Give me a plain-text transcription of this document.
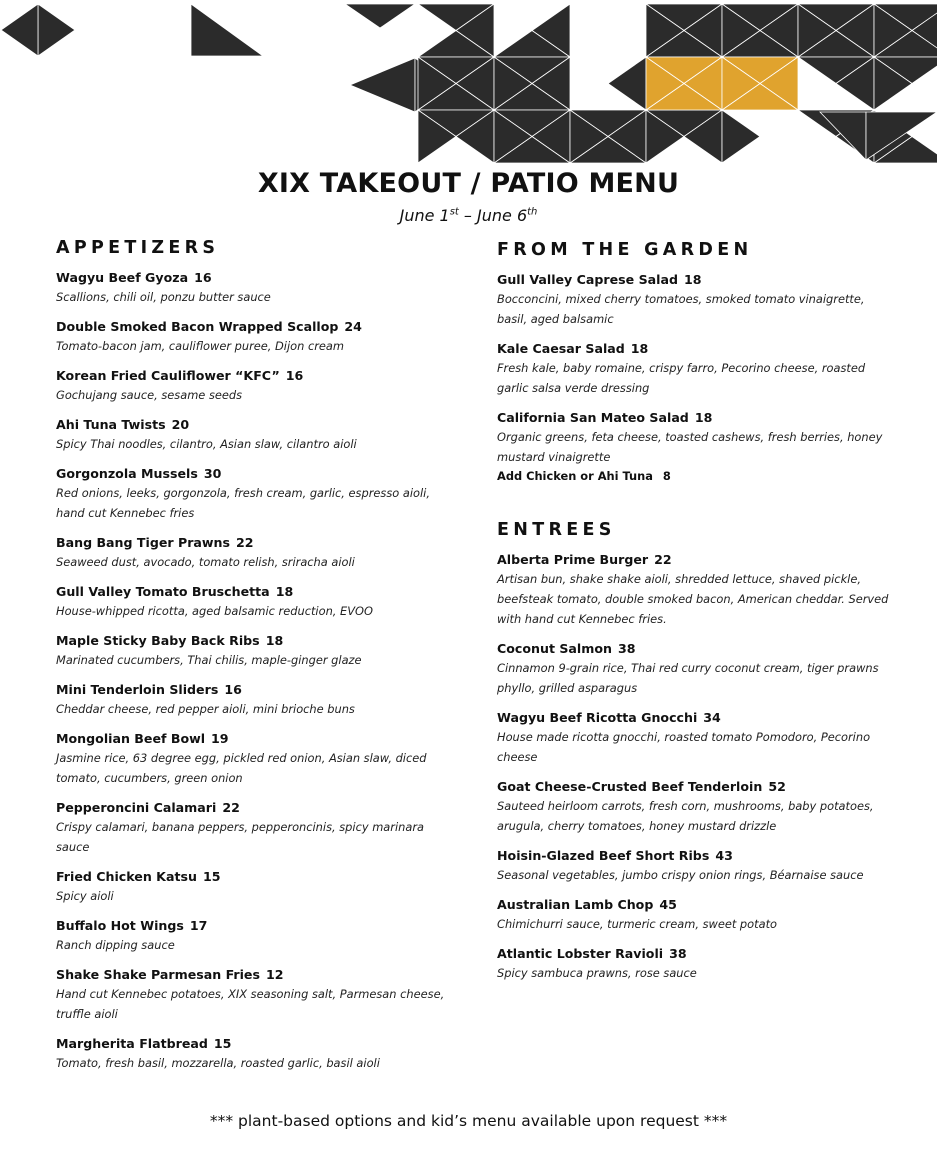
XIX TAKEOUT / PATIO MENU
June 1st – June 6th
APPETIZERS
Wagyu Beef Gyoza 16
Scallions, chili oil, ponzu butter sauce
Double Smoked Bacon Wrapped Scallop 24
Tomato-bacon jam, cauliflower puree, Dijon cream
Korean Fried Cauliflower “KFC” 16
Gochujang sauce, sesame seeds
Ahi Tuna Twists 20
Spicy Thai noodles, cilantro, Asian slaw, cilantro aioli
Gorgonzola Mussels 30
Red onions, leeks, gorgonzola, fresh cream, garlic, espresso aioli, hand cut Kennebec fries
Bang Bang Tiger Prawns 22
Seaweed dust, avocado, tomato relish, sriracha aioli
Gull Valley Tomato Bruschetta 18
House-whipped ricotta, aged balsamic reduction, EVOO
Maple Sticky Baby Back Ribs 18
Marinated cucumbers, Thai chilis, maple-ginger glaze
Mini Tenderloin Sliders 16
Cheddar cheese, red pepper aioli, mini brioche buns
Mongolian Beef Bowl 19
Jasmine rice, 63 degree egg, pickled red onion, Asian slaw, diced tomato, cucumbers, green onion
Pepperoncini Calamari 22
Crispy calamari, banana peppers, pepperoncinis, spicy marinara sauce
Fried Chicken Katsu 15
Spicy aioli
Buffalo Hot Wings 17
Ranch dipping sauce
Shake Shake Parmesan Fries 12
Hand cut Kennebec potatoes, XIX seasoning salt, Parmesan cheese, truffle aioli
Margherita Flatbread 15
Tomato, fresh basil, mozzarella, roasted garlic, basil aioli
FROM THE GARDEN
Gull Valley Caprese Salad 18
Bocconcini, mixed cherry tomatoes, smoked tomato vinaigrette, basil, aged balsamic
Kale Caesar Salad 18
Fresh kale, baby romaine, crispy farro, Pecorino cheese, roasted garlic salsa verde dressing
California San Mateo Salad 18
Organic greens, feta cheese, toasted cashews, fresh berries, honey mustard vinaigrette
Add Chicken or Ahi Tuna 8
ENTREES
Alberta Prime Burger 22
Artisan bun, shake shake aioli, shredded lettuce, shaved pickle, beefsteak tomato, double smoked bacon, American cheddar. Served with hand cut Kennebec fries.
Coconut Salmon 38
Cinnamon 9-grain rice, Thai red curry coconut cream, tiger prawns phyllo, grilled asparagus
Wagyu Beef Ricotta Gnocchi 34
House made ricotta gnocchi, roasted tomato Pomodoro, Pecorino cheese
Goat Cheese-Crusted Beef Tenderloin 52
Sauteed heirloom carrots, fresh corn, mushrooms, baby potatoes, arugula, cherry tomatoes, honey mustard drizzle
Hoisin-Glazed Beef Short Ribs 43
Seasonal vegetables, jumbo crispy onion rings, Béarnaise sauce
Australian Lamb Chop 45
Chimichurri sauce, turmeric cream, sweet potato
Atlantic Lobster Ravioli 38
Spicy sambuca prawns, rose sauce
*** plant-based options and kid’s menu available upon request ***
